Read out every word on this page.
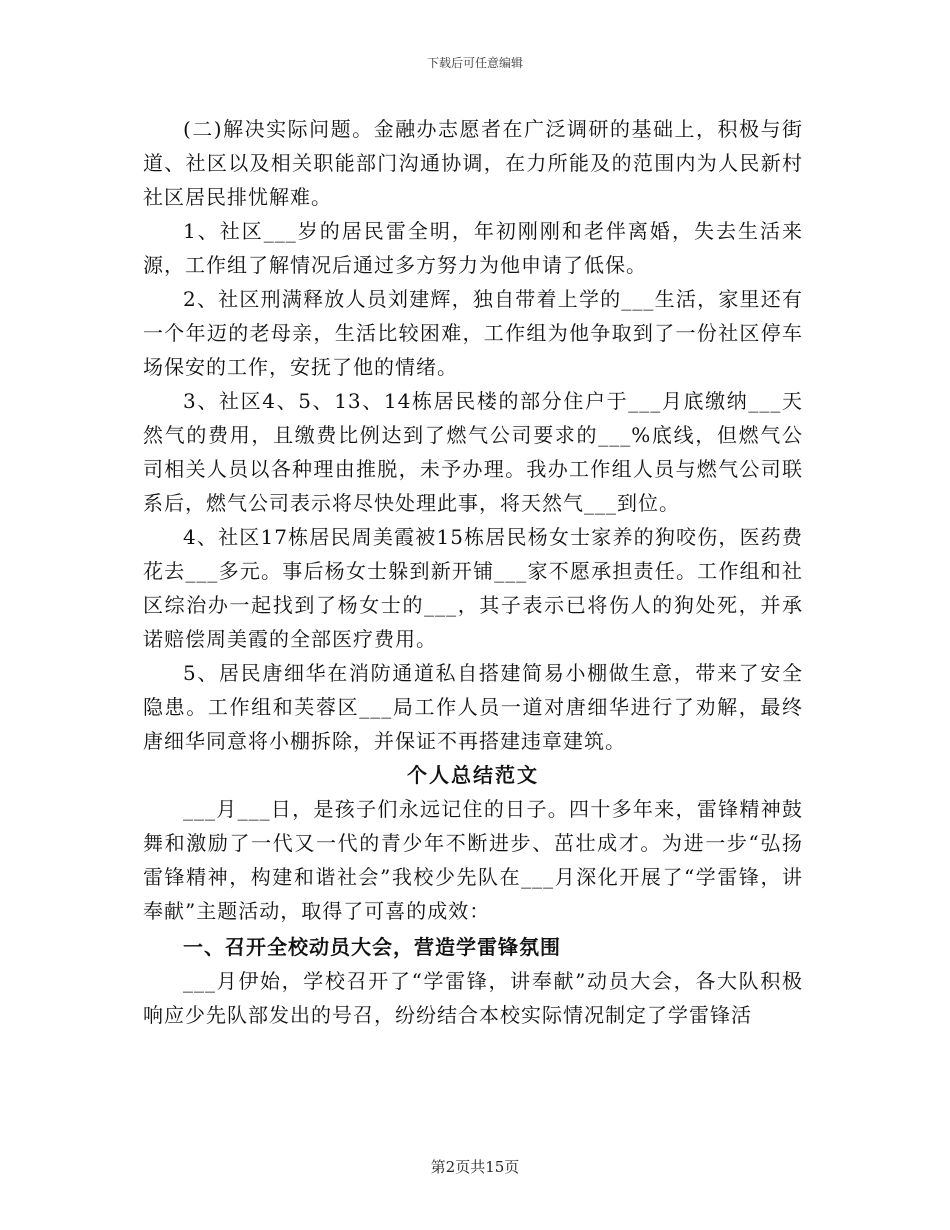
下载后可任意编辑

(二)解决实际问题。金融办志愿者在广泛调研的基础上，积极与街道、社区以及相关职能部门沟通协调，在力所能及的范围内为人民新村社区居民排忧解难。

1、社区___岁的居民雷全明，年初刚刚和老伴离婚，失去生活来源，工作组了解情况后通过多方努力为他申请了低保。

2、社区刑满释放人员刘建辉，独自带着上学的___生活，家里还有一个年迈的老母亲，生活比较困难，工作组为他争取到了一份社区停车场保安的工作，安抚了他的情绪。

3、社区4、5、13、14栋居民楼的部分住户于___月底缴纳___天然气的费用，且缴费比例达到了燃气公司要求的___%底线，但燃气公司相关人员以各种理由推脱，未予办理。我办工作组人员与燃气公司联系后，燃气公司表示将尽快处理此事，将天然气___到位。

4、社区17栋居民周美霞被15栋居民杨女士家养的狗咬伤，医药费花去___多元。事后杨女士躲到新开铺___家不愿承担责任。工作组和社区综治办一起找到了杨女士的___，其子表示已将伤人的狗处死，并承诺赔偿周美霞的全部医疗费用。

5、居民唐细华在消防通道私自搭建简易小棚做生意，带来了安全隐患。工作组和芙蓉区___局工作人员一道对唐细华进行了劝解，最终唐细华同意将小棚拆除，并保证不再搭建违章建筑。

个人总结范文

___月___日，是孩子们永远记住的日子。四十多年来，雷锋精神鼓舞和激励了一代又一代的青少年不断进步、茁壮成才。为进一步“弘扬雷锋精神，构建和谐社会”我校少先队在___月深化开展了“学雷锋，讲奉献”主题活动，取得了可喜的成效：

一、召开全校动员大会，营造学雷锋氛围

___月伊始，学校召开了“学雷锋，讲奉献”动员大会，各大队积极响应少先队部发出的号召，纷纷结合本校实际情况制定了学雷锋活

第2页共15页
